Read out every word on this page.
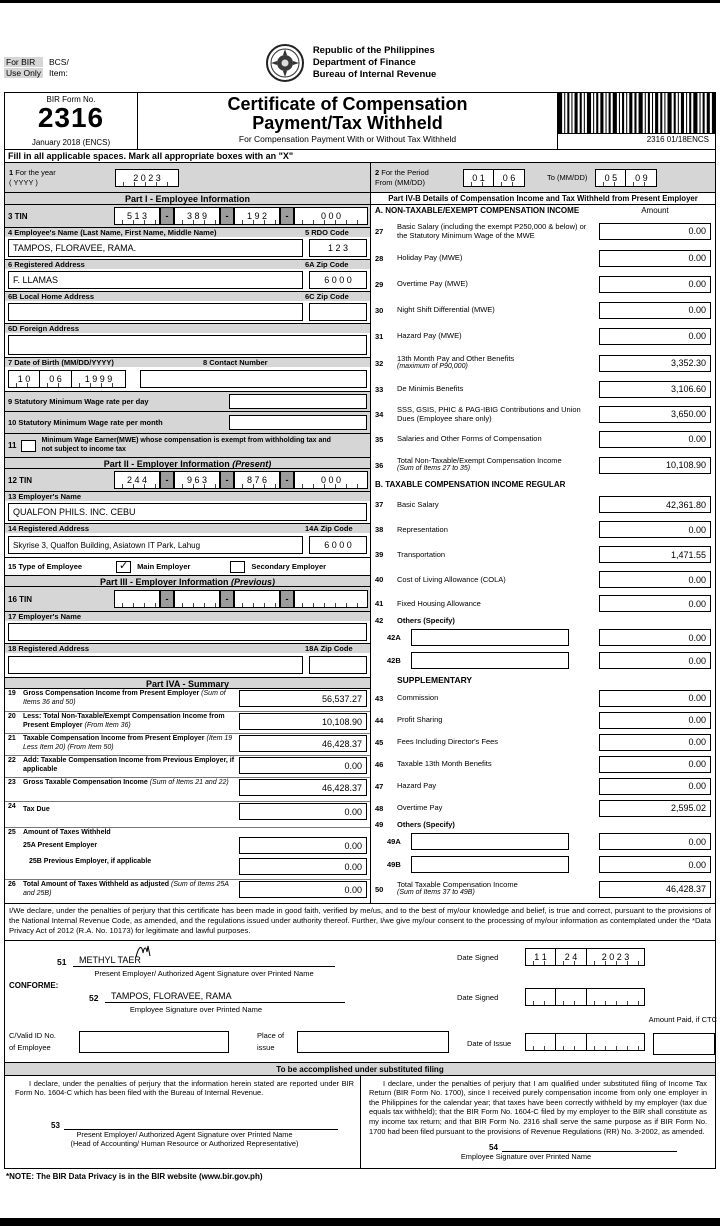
For BIR
Use Only
BCS/
Item:
Republic of the Philippines
Department of Finance
Bureau of Internal Revenue
BIR Form No.
2316
January 2018 (ENCS)
Certificate of Compensation
Payment/Tax Withheld
For Compensation Payment With or Without Tax Withheld	2316 01/18ENCS
Fill in all applicable spaces. Mark all appropriate boxes with an "X"
1 For the year
( YYYY )	2 0 2 3
2 For the Period
From (MM/DD)	0 1	0 6	To (MM/DD)	0 5	0 9
Part I - Employee Information
3 TIN	5 1 3	-	3 8 9	-	1 9 2	-	0 0 0
4 Employee's Name (Last Name, First Name, Middle Name)	5 RDO Code
TAMPOS, FLORAVEE, RAMA.	1 2 3
6 Registered Address	6A Zip Code
F. LLAMAS	6 0 0 0
6B Local Home Address	6C Zip Code
6D Foreign Address
7 Date of Birth (MM/DD/YYYY)	8 Contact Number
1 0	0 6	1 9 9 9
9 Statutory Minimum Wage rate per day
10 Statutory Minimum Wage rate per month
11
Minimum Wage Earner(MWE) whose compensation is exempt from withholding tax and not subject to income tax
Part II - Employer Information (Present)
12 TIN	2 4 4	-	9 6 3	-	8 7 6	-	0 0 0
13 Employer's Name
QUALFON PHILS. INC. CEBU
14 Registered Address	14A Zip Code
Skyrise 3, Qualfon Building, Asiatown IT Park, Lahug	6 0 0 0
15 Type of Employee	✓	Main Employer	Secondary Employer
Part III - Employer Information (Previous)
16 TIN	-	-	-
17 Employer's Name
18 Registered Address	18A Zip Code
Part IVA - Summary
19	Gross Compensation Income from Present Employer (Sum of Items 36 and 50)	56,537.27
20	Less: Total Non-Taxable/Exempt Compensation Income from Present Employer (From Item 36)	10,108.90
21	Taxable Compensation Income from Present Employer (Item 19 Less Item 20) (From Item 50)	46,428.37
22	Add: Taxable Compensation Income from Previous Employer, if applicable	0.00
23	Gross Taxable Compensation Income (Sum of Items 21 and 22)	46,428.37
24	Tax Due	0.00
25	Amount of Taxes Withheld
25A Present Employer	0.00
25B Previous Employer, if applicable	0.00
26	Total Amount of Taxes Withheld as adjusted (Sum of Items 25A and 25B)	0.00
Part IV-B Details of Compensation Income and Tax Withheld from Present Employer
A. NON-TAXABLE/EXEMPT COMPENSATION INCOME	Amount
27
Basic Salary (including the exempt P250,000 & below) or the Statutory Minimum Wage of the MWE	0.00
28	Holiday Pay (MWE)	0.00
29	Overtime Pay (MWE)	0.00
30	Night Shift Differential (MWE)	0.00
31	Hazard Pay (MWE)	0.00
32
13th Month Pay and Other Benefits
(maximum of P90,000)	3,352.30
33	De Minimis Benefits	3,106.60
34
SSS, GSIS, PHIC & PAG-IBIG Contributions and Union Dues (Employee share only)	3,650.00
35	Salaries and Other Forms of Compensation	0.00
36
Total Non-Taxable/Exempt Compensation Income
(Sum of Items 27 to 35)	10,108.90
B. TAXABLE COMPENSATION INCOME REGULAR
37	Basic Salary	42,361.80
38	Representation	0.00
39	Transportation	1,471.55
40	Cost of Living Allowance (COLA)	0.00
41	Fixed Housing Allowance	0.00
42	Others (Specify)
42A	0.00
42B	0.00
SUPPLEMENTARY
43	Commission	0.00
44	Profit Sharing	0.00
45	Fees Including Director's Fees	0.00
46	Taxable 13th Month Benefits	0.00
47	Hazard Pay	0.00
48	Overtime Pay	2,595.02
49	Others (Specify)
49A	0.00
49B	0.00
50
Total Taxable Compensation Income
(Sum of Items 37 to 49B)	46,428.37
I/We declare, under the penalties of perjury that this certificate has been made in good faith, verified by me/us, and to the best of my/our knowledge and belief, is true and correct, pursuant to the provisions of the National Internal Revenue Code, as amended, and the regulations issued under authority thereof. Further, I/we give my/our consent to the processing of my/our information as contemplated under the *Data Privacy Act of 2012 (R.A. No. 10173) for legitimate and lawful purposes.
51	METHYL TAER
Present Employer/ Authorized Agent Signature over Printed Name
Date Signed	1 1	2 4	2 0 2 3
CONFORME:
52	TAMPOS, FLORAVEE, RAMA
Employee Signature over Printed Name
Date Signed
Amount Paid, if CTC
C/Valid ID No.
of Employee
Place of
issue	Date of Issue
To be accomplished under substituted filing

I declare, under the penalties of perjury that the information herein stated are reported under BIR Form No. 1604-C which has been filed with the Bureau of Internal Revenue.

53
Present Employer/ Authorized Agent Signature over Printed Name
(Head of Accounting/ Human Resource or Authorized Representative)

I declare, under the penalties of perjury that I am qualified under substituted filing of Income Tax Return (BIR Form No. 1700), since I received purely compensation income from only one employer in the Philippines for the calendar year; that taxes have been correctly withheld by my employer (tax due equals tax withheld); that the BIR Form No. 1604-C filed by my employer to the BIR shall constitute as my income tax return; and that BIR Form No. 2316 shall serve the same purpose as if BIR Form No. 1700 had been filed pursuant to the provisions of Revenue Regulations (RR) No. 3-2002, as amended.

54
Employee Signature over Printed Name
*NOTE: The BIR Data Privacy is in the BIR website (www.bir.gov.ph)
